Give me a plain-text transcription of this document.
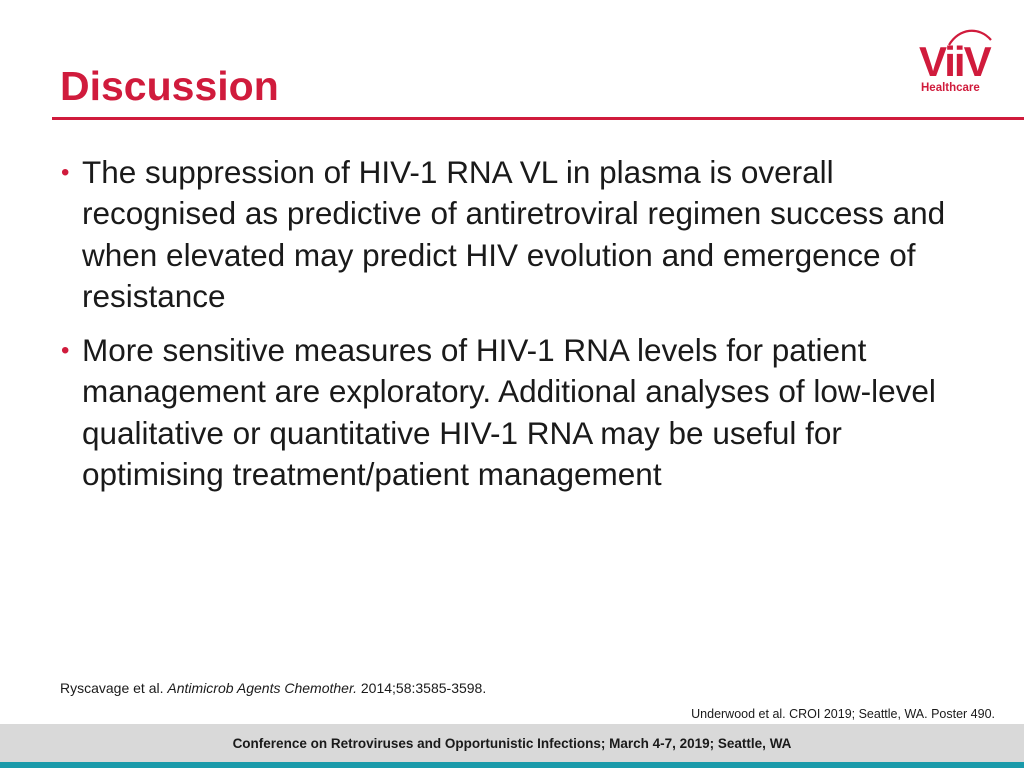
Discussion
ViiV
Healthcare
• The suppression of HIV-1 RNA VL in plasma is overall recognised as predictive of antiretroviral regimen success and when elevated may predict HIV evolution and emergence of resistance
• More sensitive measures of HIV-1 RNA levels for patient management are exploratory. Additional analyses of low-level qualitative or quantitative HIV-1 RNA may be useful for optimising treatment/patient management
Ryscavage et al. Antimicrob Agents Chemother. 2014;58:3585-3598.
Underwood et al. CROI 2019; Seattle, WA. Poster 490.
Conference on Retroviruses and Opportunistic Infections; March 4-7, 2019; Seattle, WA
